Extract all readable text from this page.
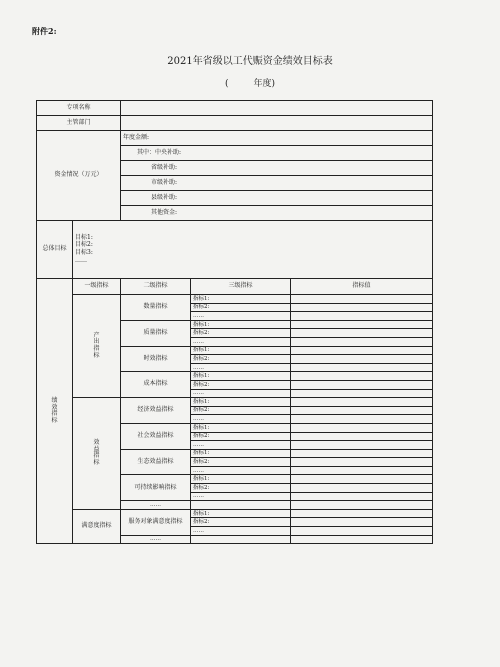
附件2:
2021年省级以工代赈资金绩效目标表
(	年度)
专项名称				
主管部门				
资金情况（万元）		年度金额:		
		其中：中央补助:		
		省级补助:		
		市级补助:		
		县级补助:		
		其他资金:		
总体目标	目标1:
目标2:
目标3:
……			

绩
效
指
标	一级指标	二级指标	三级指标	指标值

	产
出
指
标	数量指标	指标1:	
			指标2:	
			……	
		质量指标	指标1:	
			指标2:	
			……	
		时效指标	指标1:	
			指标2:	
			……	
		成本指标	指标1:	
			指标2:	
			……	

	效
益
指
标	经济效益指标	指标1:	
			指标2:	
			……	
		社会效益指标	指标1:	
			指标2:	
			……	
		生态效益指标	指标1:	
			指标2:	
			……	
		可持续影响指标	指标1:	
			指标2:	
			……	
		……		
	满意度指标	服务对象满意度指标	指标1:	
			指标2:	
			……	
		……		
